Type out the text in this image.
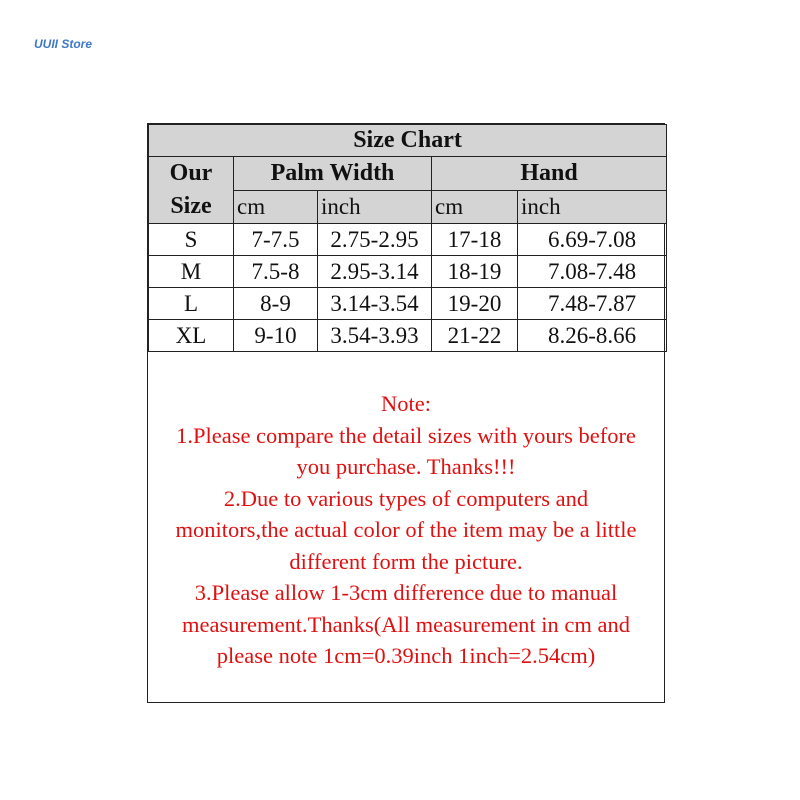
UUII Store
Size Chart				

Our
Size	Palm Width		Hand	
	cm	inch	cm	inch
S	7-7.5	2.75-2.95	17-18	6.69-7.08
M	7.5-8	2.95-3.14	18-19	7.08-7.48
L	8-9	3.14-3.54	19-20	7.48-7.87
XL	9-10	3.54-3.93	21-22	8.26-8.66
Note:
1.Please compare the detail sizes with yours before
you purchase. Thanks!!!
2.Due to various types of computers and
monitors,the actual color of the item may be a little
different form the picture.
3.Please allow 1-3cm difference due to manual
measurement.Thanks(All measurement in cm and
please note 1cm=0.39inch 1inch=2.54cm)
